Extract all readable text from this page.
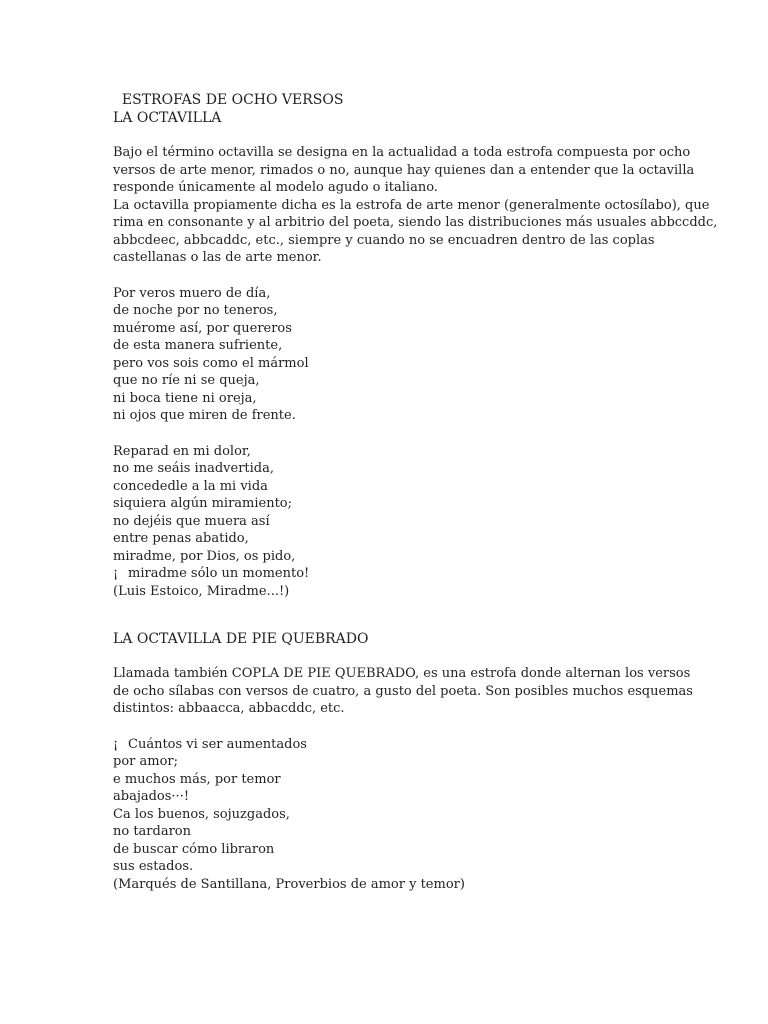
ESTROFAS DE OCHO VERSOS
LA OCTAVILLA
Bajo el término octavilla se designa en la actualidad a toda estrofa compuesta por ocho
versos de arte menor, rimados o no, aunque hay quienes dan a entender que la octavilla
responde únicamente al modelo agudo o italiano.
La octavilla propiamente dicha es la estrofa de arte menor (generalmente octosílabo), que
rima en consonante y al arbitrio del poeta, siendo las distribuciones más usuales abbccddc,
abbcdeec, abbcaddc, etc., siempre y cuando no se encuadren dentro de las coplas
castellanas o las de arte menor.
Por veros muero de día,
de noche por no teneros,
muérome así, por quereros
de esta manera sufriente,
pero vos sois como el mármol
que no ríe ni se queja,
ni boca tiene ni oreja,
ni ojos que miren de frente.
Reparad en mi dolor,
no me seáis inadvertida,
concededle a la mi vida
siquiera algún miramiento;
no dejéis que muera así
entre penas abatido,
miradme, por Dios, os pido,
¡ miradme sólo un momento!
(Luis Estoico, Miradme...!)
LA OCTAVILLA DE PIE QUEBRADO
Llamada también COPLA DE PIE QUEBRADO, es una estrofa donde alternan los versos
de ocho sílabas con versos de cuatro, a gusto del poeta. Son posibles muchos esquemas
distintos: abbaacca, abbacddc, etc.
¡ Cuántos vi ser aumentados
por amor;
e muchos más, por temor
abajados···!
Ca los buenos, sojuzgados,
no tardaron
de buscar cómo libraron
sus estados.
(Marqués de Santillana, Proverbios de amor y temor)
